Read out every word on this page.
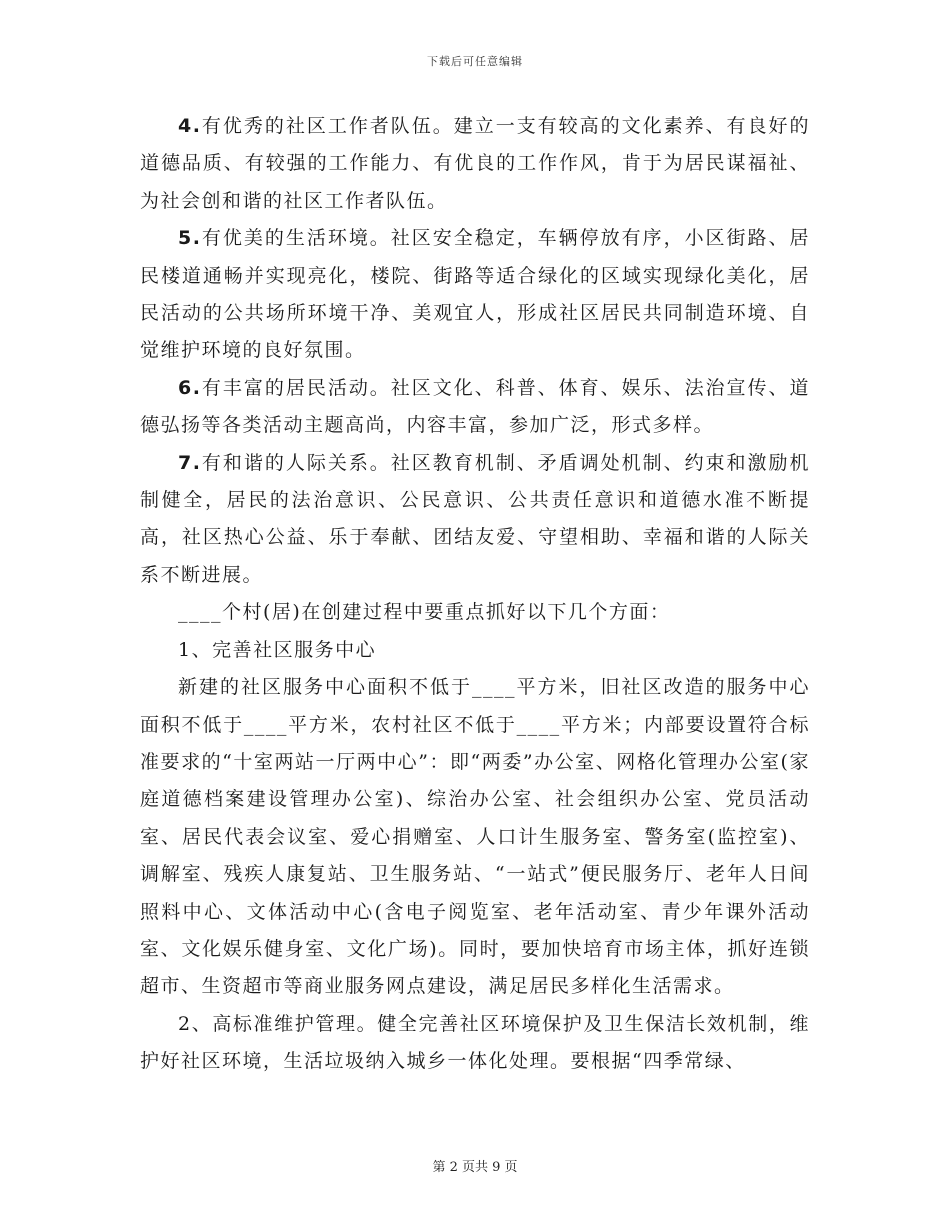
下载后可任意编辑

4.有优秀的社区工作者队伍。建立一支有较高的文化素养、有良好的道德品质、有较强的工作能力、有优良的工作作风，肯于为居民谋福祉、为社会创和谐的社区工作者队伍。

5.有优美的生活环境。社区安全稳定，车辆停放有序，小区街路、居民楼道通畅并实现亮化，楼院、街路等适合绿化的区域实现绿化美化，居民活动的公共场所环境干净、美观宜人，形成社区居民共同制造环境、自觉维护环境的良好氛围。

6.有丰富的居民活动。社区文化、科普、体育、娱乐、法治宣传、道德弘扬等各类活动主题高尚，内容丰富，参加广泛，形式多样。

7.有和谐的人际关系。社区教育机制、矛盾调处机制、约束和激励机制健全，居民的法治意识、公民意识、公共责任意识和道德水准不断提高，社区热心公益、乐于奉献、团结友爱、守望相助、幸福和谐的人际关系不断进展。

____个村(居)在创建过程中要重点抓好以下几个方面：

1、完善社区服务中心

新建的社区服务中心面积不低于____平方米，旧社区改造的服务中心面积不低于____平方米，农村社区不低于____平方米；内部要设置符合标准要求的“十室两站一厅两中心”：即“两委”办公室、网格化管理办公室(家庭道德档案建设管理办公室)、综治办公室、社会组织办公室、党员活动室、居民代表会议室、爱心捐赠室、人口计生服务室、警务室(监控室)、调解室、残疾人康复站、卫生服务站、“一站式”便民服务厅、老年人日间照料中心、文体活动中心(含电子阅览室、老年活动室、青少年课外活动室、文化娱乐健身室、文化广场)。同时，要加快培育市场主体，抓好连锁超市、生资超市等商业服务网点建设，满足居民多样化生活需求。

2、高标准维护管理。健全完善社区环境保护及卫生保洁长效机制，维护好社区环境，生活垃圾纳入城乡一体化处理。要根据“四季常绿、

第 2 页共 9 页
